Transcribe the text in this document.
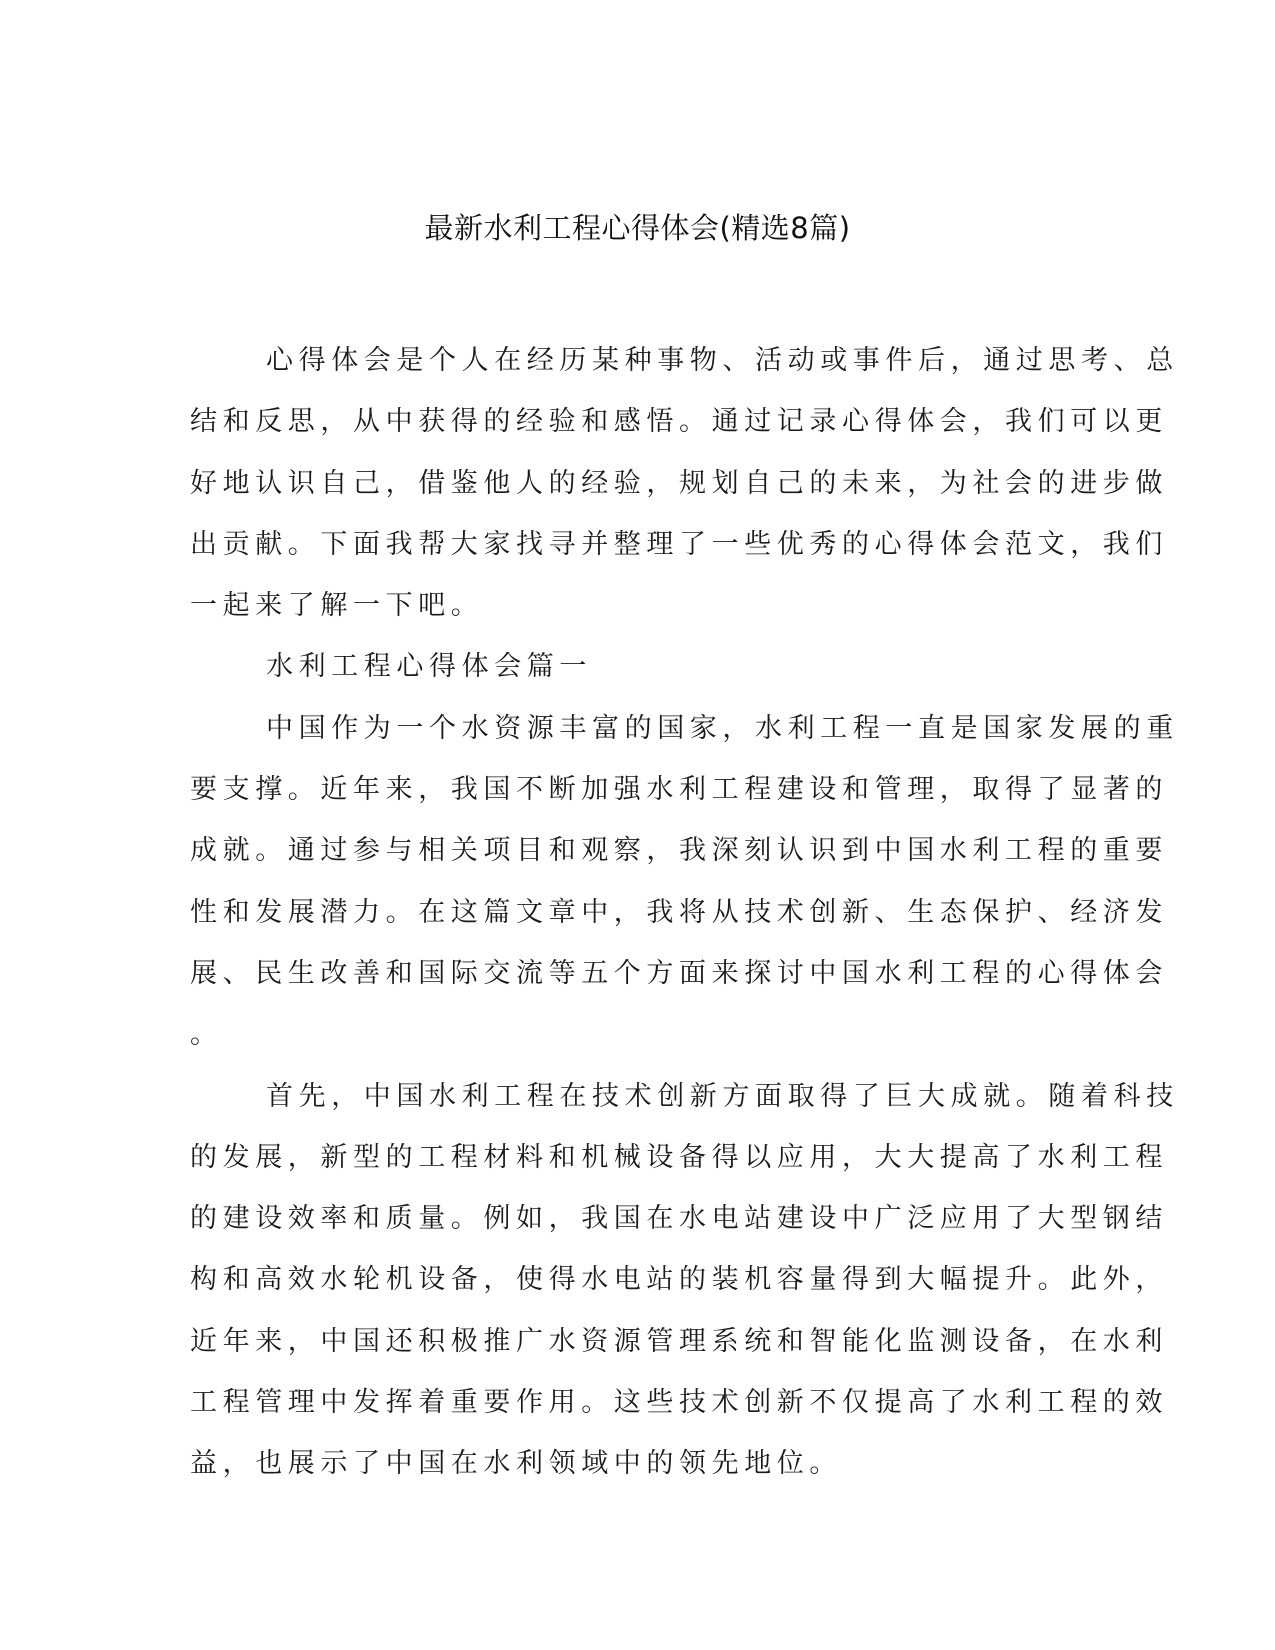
最新水利工程心得体会(精选8篇)
心得体会是个人在经历某种事物、活动或事件后，通过思考、总
结和反思，从中获得的经验和感悟。通过记录心得体会，我们可以更
好地认识自己，借鉴他人的经验，规划自己的未来，为社会的进步做
出贡献。下面我帮大家找寻并整理了一些优秀的心得体会范文，我们
一起来了解一下吧。
水利工程心得体会篇一
中国作为一个水资源丰富的国家，水利工程一直是国家发展的重
要支撑。近年来，我国不断加强水利工程建设和管理，取得了显著的
成就。通过参与相关项目和观察，我深刻认识到中国水利工程的重要
性和发展潜力。在这篇文章中，我将从技术创新、生态保护、经济发
展、民生改善和国际交流等五个方面来探讨中国水利工程的心得体会
。
首先，中国水利工程在技术创新方面取得了巨大成就。随着科技
的发展，新型的工程材料和机械设备得以应用，大大提高了水利工程
的建设效率和质量。例如，我国在水电站建设中广泛应用了大型钢结
构和高效水轮机设备，使得水电站的装机容量得到大幅提升。此外，
近年来，中国还积极推广水资源管理系统和智能化监测设备，在水利
工程管理中发挥着重要作用。这些技术创新不仅提高了水利工程的效
益，也展示了中国在水利领域中的领先地位。
